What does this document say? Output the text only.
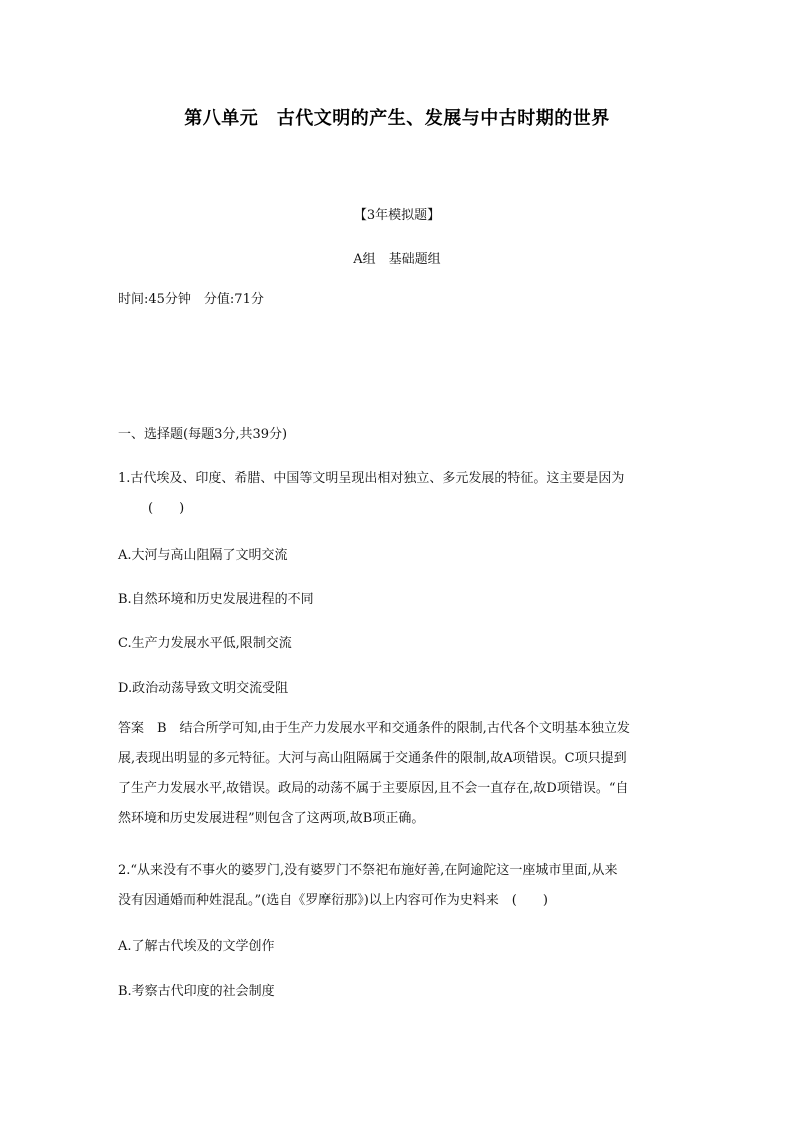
第八单元　古代文明的产生、发展与中古时期的世界
【3年模拟题】
A组　基础题组
时间:45分钟　分值:71分
一、选择题(每题3分,共39分)
1.古代埃及、印度、希腊、中国等文明呈现出相对独立、多元发展的特征。这主要是因为
(　　)
A.大河与高山阻隔了文明交流
B.自然环境和历史发展进程的不同
C.生产力发展水平低,限制交流
D.政治动荡导致文明交流受阻
答案　B　结合所学可知,由于生产力发展水平和交通条件的限制,古代各个文明基本独立发
展,表现出明显的多元特征。大河与高山阻隔属于交通条件的限制,故A项错误。C项只提到
了生产力发展水平,故错误。政局的动荡不属于主要原因,且不会一直存在,故D项错误。“自
然环境和历史发展进程”则包含了这两项,故B项正确。
2.“从来没有不事火的婆罗门,没有婆罗门不祭祀布施好善,在阿逾陀这一座城市里面,从来
没有因通婚而种姓混乱。”(选自《罗摩衍那》)以上内容可作为史料来　(　　)
A.了解古代埃及的文学创作
B.考察古代印度的社会制度
